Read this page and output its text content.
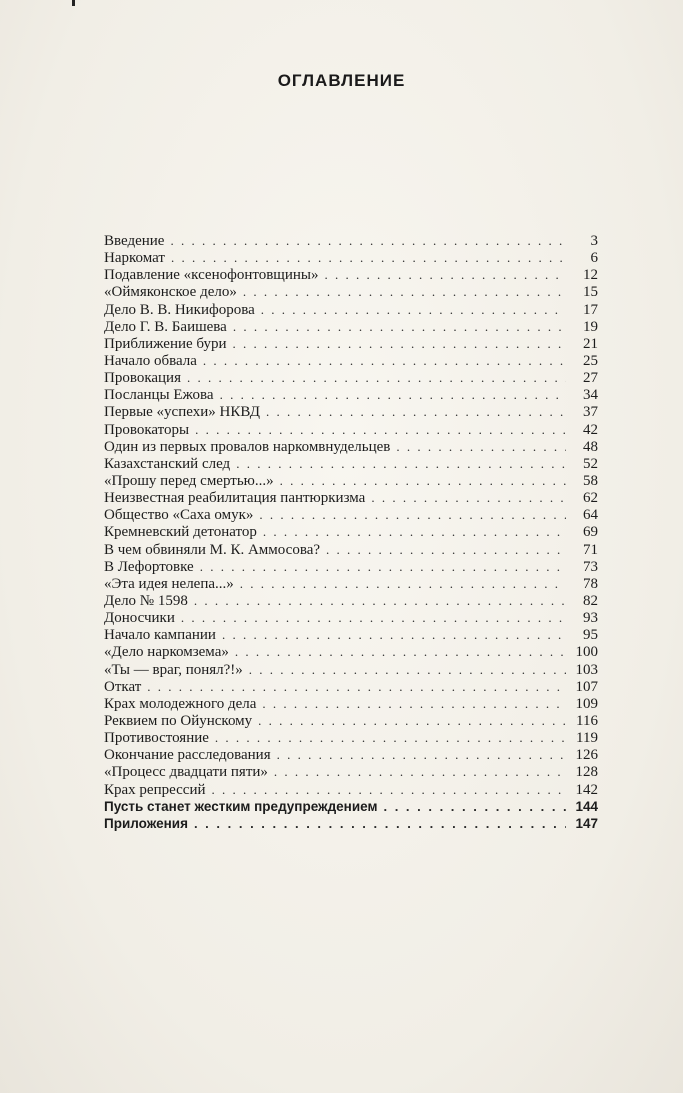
ОГЛАВЛЕНИЕ
Введение . . .	3
Наркомат . . .	6
Подавление «ксенофонтовщины» . . .	12
«Оймяконское дело» . . .	15
Дело В. В. Никифорова . . .	17
Дело Г. В. Баишева . . .	19
Приближение бури . . .	21
Начало обвала . . .	25
Провокация . . .	27
Посланцы Ежова . . .	34
Первые «успехи» НКВД . . .	37
Провокаторы . . .	42
Один из первых провалов наркомвнудельцев . . .	48
Казахстанский след . . .	52
«Прошу перед смертью...» . . .	58
Неизвестная реабилитация пантюркизма . . .	62
Общество «Саха омук» . . .	64
Кремневский детонатор . . .	69
В чем обвиняли М. К. Аммосова? . . .	71
В Лефортовке . . .	73
«Эта идея нелепа...» . . .	78
Дело № 1598 . . .	82
Доносчики . . .	93
Начало кампании . . .	95
«Дело наркомзема» . . .	100
«Ты — враг, понял?!» . . .	103
Откат . . .	107
Крах молодежного дела . . .	109
Реквием по Ойунскому . . .	116
Противостояние . . .	119
Окончание расследования . . .	126
«Процесс двадцати пяти» . . .	128
Крах репрессий . . .	142
Пусть станет жестким предупреждением . . .	144
Приложения . . .	147
